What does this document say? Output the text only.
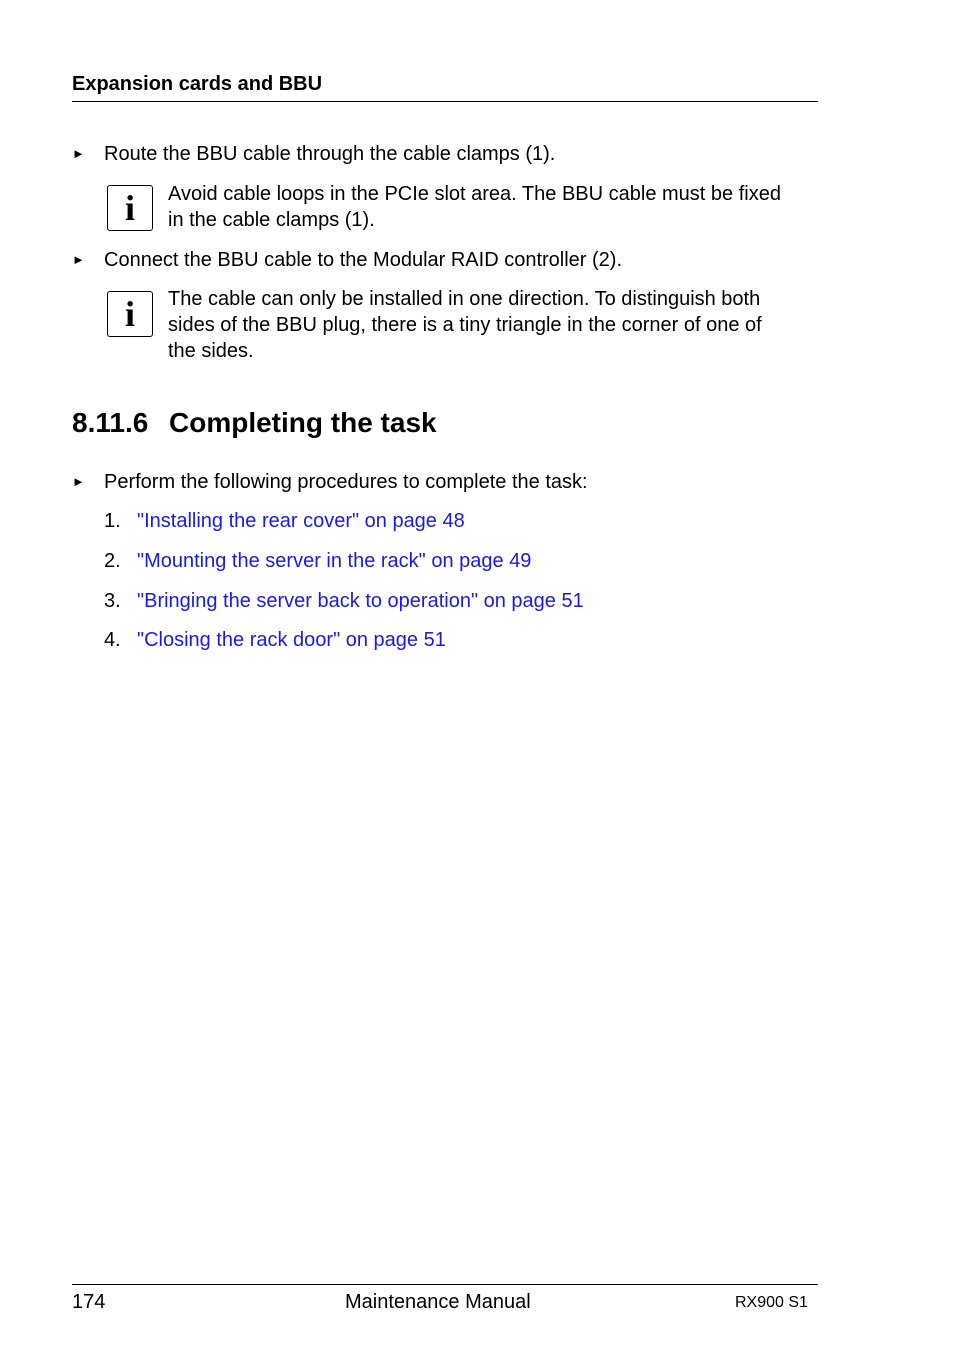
Expansion cards and BBU
► Route the BBU cable through the cable clamps (1).
i	Avoid cable loops in the PCIe slot area. The BBU cable must be fixed
in the cable clamps (1).
► Connect the BBU cable to the Modular RAID controller (2).
i	The cable can only be installed in one direction. To distinguish both
sides of the BBU plug, there is a tiny triangle in the corner of one of
the sides.
8.11.6 Completing the task
► Perform the following procedures to complete the task:
1. "Installing the rear cover" on page 48
2. "Mounting the server in the rack" on page 49
3. "Bringing the server back to operation" on page 51
4. "Closing the rack door" on page 51
174	Maintenance Manual	RX900 S1
